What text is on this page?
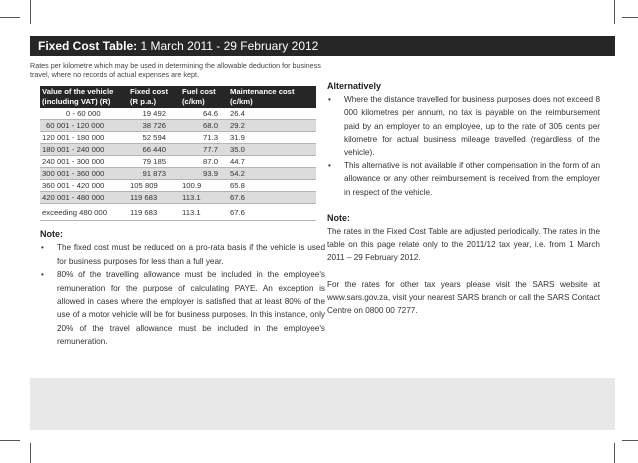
Fixed Cost Table: 1 March 2011 - 29 February 2012
Rates per kilometre which may be used in determining the allowable deduction for business travel, where no records of actual expenses are kept.
Value of the vehicle (including VAT) (R)	Fixed cost (R p.a.)	Fuel cost (c/km)	Maintenance cost (c/km)
0 - 60 000	19 492	64.6	26.4
60 001 - 120 000	38 726	68.0	29.2
120 001 - 180 000	52 594	71.3	31.9
180 001 - 240 000	66 440	77.7	35.0
240 001 - 300 000	79 185	87.0	44.7
300 001 - 360 000	91 873	93.9	54.2
360 001 - 420 000	105 809	100.9	65.8
420 001 - 480 000	119 683	113.1	67.6
exceeding 480 000	119 683	113.1	67.6
Note:
• The fixed cost must be reduced on a pro-rata basis if the vehicle is used for business purposes for less than a full year.
• 80% of the travelling allowance must be included in the employee's remuneration for the purpose of calculating PAYE. An exception is allowed in cases where the employer is satisfied that at least 80% of the use of a motor vehicle will be for business purposes. In this instance, only 20% of the travel allowance must be included in the employee's remuneration.
Alternatively
• Where the distance travelled for business purposes does not exceed 8 000 kilometres per annum, no tax is payable on the reimbursement paid by an employer to an employee, up to the rate of 305 cents per kilometre for actual business mileage travelled (regardless of the vehicle).
• This alternative is not available if other compensation in the form of an allowance or any other reimbursement is received from the employer in respect of the vehicle.
Note:

The rates in the Fixed Cost Table are adjusted periodically. The rates in the table on this page relate only to the 2011/12 tax year, i.e. from 1 March 2011 – 29 February 2012.

For the rates for other tax years please visit the SARS website at www.sars.gov.za, visit your nearest SARS branch or call the SARS Contact Centre on 0800 00 7277.
